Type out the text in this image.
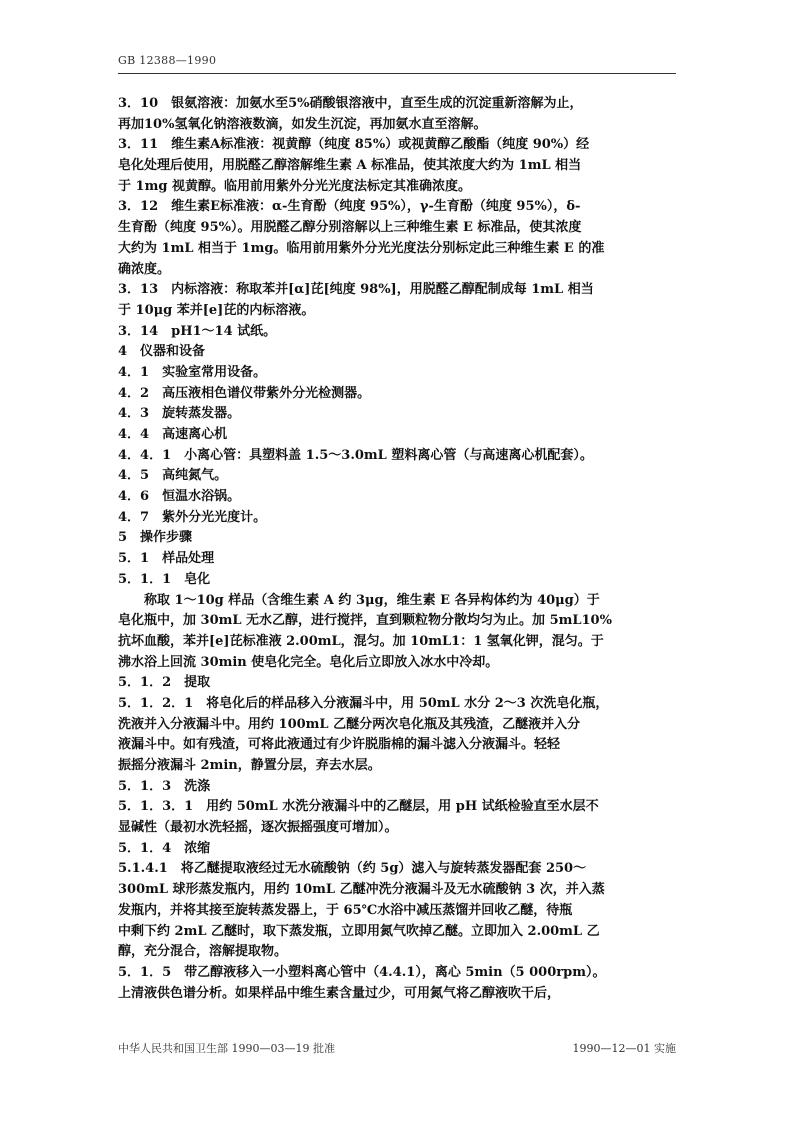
GB 12388—1990
3．10　银氨溶液：加氨水至5%硝酸银溶液中，直至生成的沉淀重新溶解为止，
再加10%氢氧化钠溶液数滴，如发生沉淀，再加氨水直至溶解。
3．11　维生素A标准液：视黄醇（纯度 85%）或视黄醇乙酸酯（纯度 90%）经
皂化处理后使用，用脱醛乙醇溶解维生素 A 标准品，使其浓度大约为 1mL 相当
于 1mg 视黄醇。临用前用紫外分光光度法标定其准确浓度。
3．12　维生素E标准液：α-生育酚（纯度 95%），γ-生育酚（纯度 95%），δ-
生育酚（纯度 95%）。用脱醛乙醇分别溶解以上三种维生素 E 标准品，使其浓度
大约为 1mL 相当于 1mg。临用前用紫外分光光度法分别标定此三种维生素 E 的准
确浓度。
3．13　内标溶液：称取苯并[α]芘[纯度 98%]，用脱醛乙醇配制成每 1mL 相当
于 10μg 苯并[e]芘的内标溶液。
3．14　pH1～14 试纸。
4　仪器和设备
4．1　实验室常用设备。
4．2　高压液相色谱仪带紫外分光检测器。
4．3　旋转蒸发器。
4．4　高速离心机
4．4．1　小离心管：具塑料盖 1.5～3.0mL 塑料离心管（与高速离心机配套）。
4．5　高纯氮气。
4．6　恒温水浴锅。
4．7　紫外分光光度计。
5　操作步骤
5．1　样品处理
5．1．1　皂化
　　称取 1～10g 样品（含维生素 A 约 3μg，维生素 E 各异构体约为 40μg）于
皂化瓶中，加 30mL 无水乙醇，进行搅拌，直到颗粒物分散均匀为止。加 5mL10%
抗坏血酸，苯并[e]芘标准液 2.00mL，混匀。加 10mL1：1 氢氧化钾，混匀。于
沸水浴上回流 30min 使皂化完全。皂化后立即放入冰水中冷却。
5．1．2　提取
5．1．2．1　将皂化后的样品移入分液漏斗中，用 50mL 水分 2～3 次洗皂化瓶，
洗液并入分液漏斗中。用约 100mL 乙醚分两次皂化瓶及其残渣，乙醚液并入分
液漏斗中。如有残渣，可将此液通过有少许脱脂棉的漏斗滤入分液漏斗。轻轻
振摇分液漏斗 2min，静置分层，弃去水层。
5．1．3　洗涤
5．1．3．1　用约 50mL 水洗分液漏斗中的乙醚层，用 pH 试纸检验直至水层不
显碱性（最初水洗轻摇，逐次振摇强度可增加）。
5．1．4　浓缩
5.1.4.1　将乙醚提取液经过无水硫酸钠（约 5g）滤入与旋转蒸发器配套 250～
300mL 球形蒸发瓶内，用约 10mL 乙醚冲洗分液漏斗及无水硫酸钠 3 次，并入蒸
发瓶内，并将其接至旋转蒸发器上，于 65℃水浴中减压蒸馏并回收乙醚，待瓶
中剩下约 2mL 乙醚时，取下蒸发瓶，立即用氮气吹掉乙醚。立即加入 2.00mL 乙
醇，充分混合，溶解提取物。
5．1．5　带乙醇液移入一小塑料离心管中（4.4.1），离心 5min（5 000rpm）。
上清液供色谱分析。如果样品中维生素含量过少，可用氮气将乙醇液吹干后，
中华人民共和国卫生部 1990—03—19 批准	1990—12—01 实施
